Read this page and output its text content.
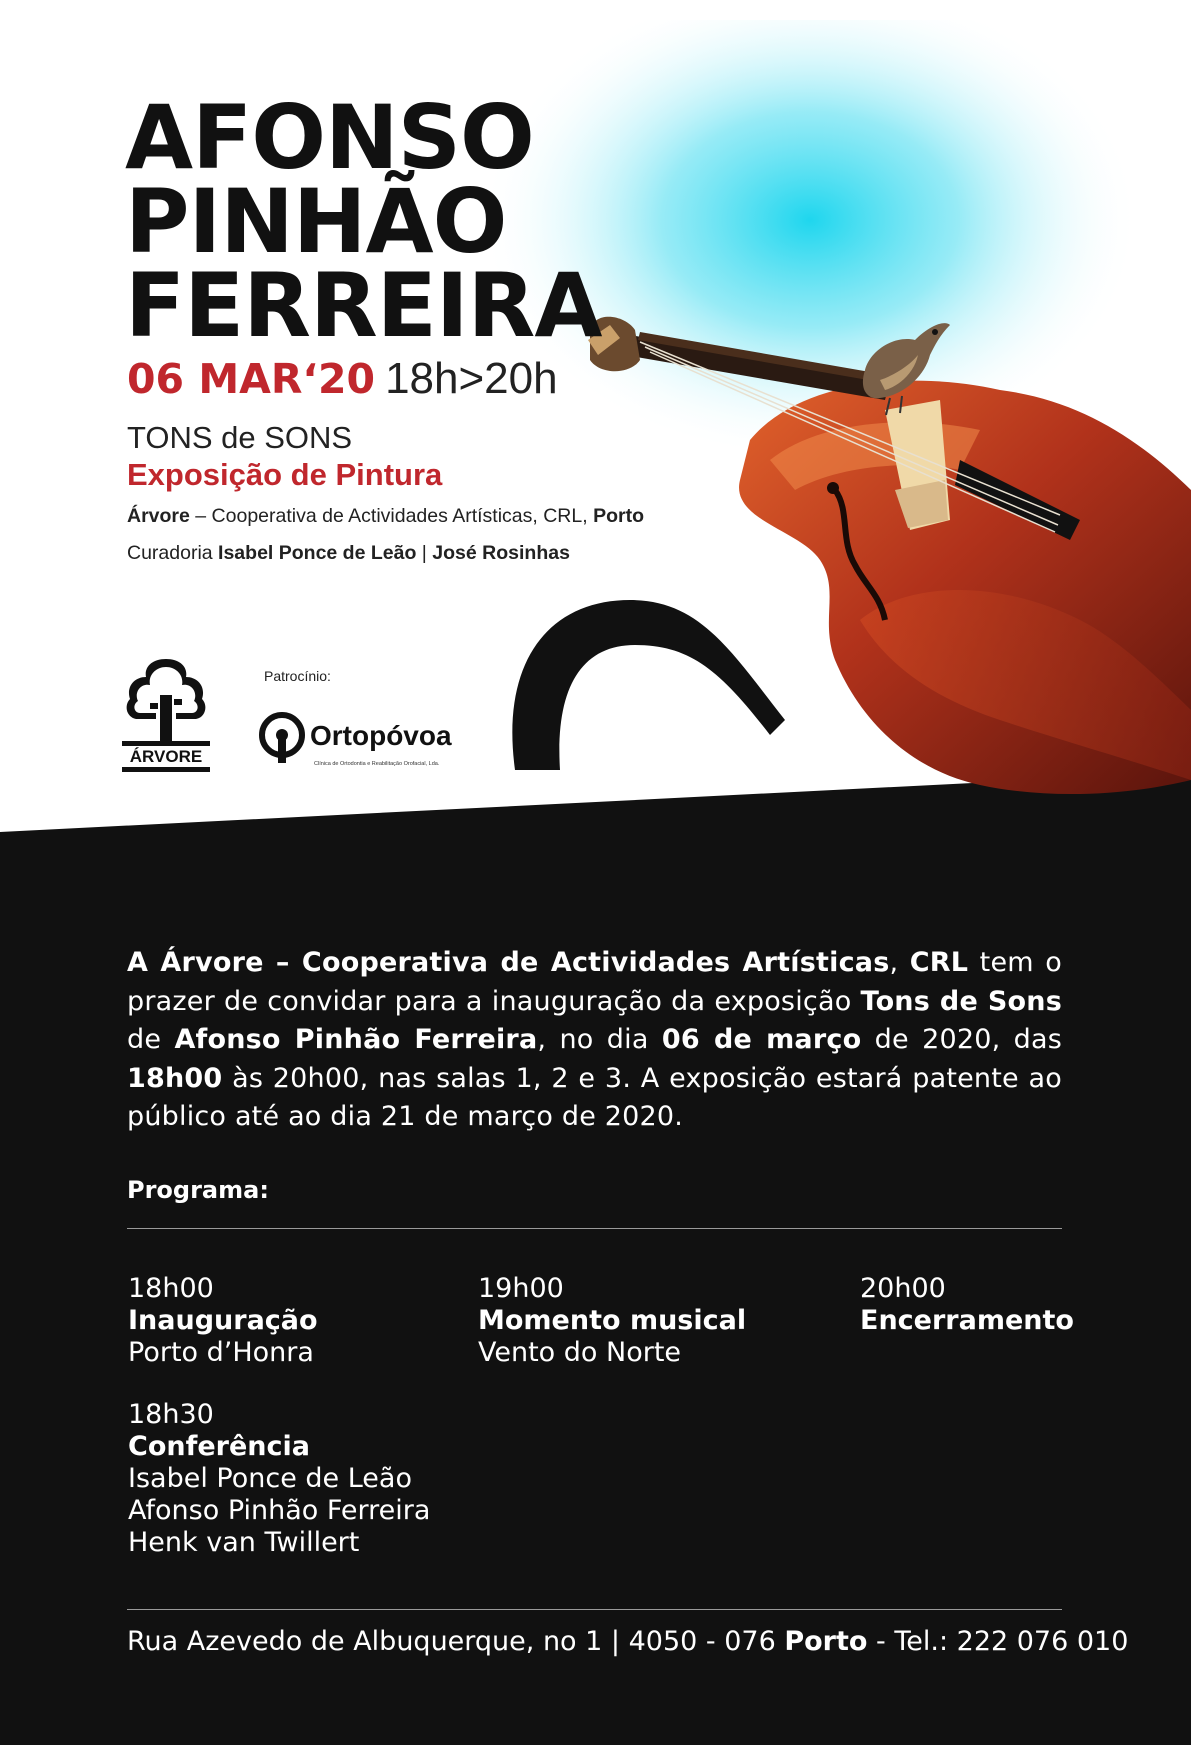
AFONSO
PINHÃO
FERREIRA
06 MAR‘20 18h>20h
TONS de SONS
Exposição de Pintura
Árvore – Cooperativa de Actividades Artísticas, CRL, Porto
Curadoria Isabel Ponce de Leão | José Rosinhas
ÁRVORE
Patrocínio:
Ortopóvoa
Clínica de Ortodontia e Reabilitação Orofacial, Lda.

A Árvore – Cooperativa de Actividades Artísticas, CRL tem o prazer de convidar para a inauguração da exposição Tons de Sons de Afonso Pinhão Ferreira, no dia 06 de março de 2020, das 18h00 às 20h00, nas salas 1, 2 e 3. A exposição estará patente ao público até ao dia 21 de março de 2020.

Programa:
18h00
Inauguração
Porto d’Honra
19h00
Momento musical
Vento do Norte
20h00
Encerramento
18h30
Conferência
Isabel Ponce de Leão
Afonso Pinhão Ferreira
Henk van Twillert
Rua Azevedo de Albuquerque, no 1 | 4050 - 076 Porto - Tel.: 222 076 010
